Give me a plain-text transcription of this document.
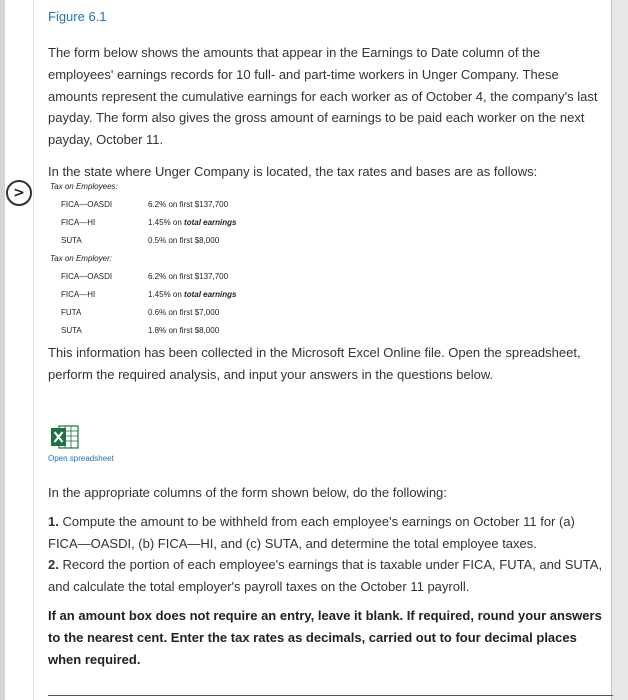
>
Figure 6.1

The form below shows the amounts that appear in the Earnings to Date column of the employees' earnings records for 10 full- and part-time workers in Unger Company. These amounts represent the cumulative earnings for each worker as of October 4, the company's last payday. The form also gives the gross amount of earnings to be paid each worker on the next payday, October 11.

In the state where Unger Company is located, the tax rates and bases are as follows:

Tax on Employees:
FICA—OASDI	6.2% on first $137,700
FICA—HI	1.45% on total earnings
SUTA	0.5% on first $8,000
Tax on Employer:
FICA—OASDI	6.2% on first $137,700
FICA—HI	1.45% on total earnings
FUTA	0.6% on first $7,000
SUTA	1.8% on first $8,000
This information has been collected in the Microsoft Excel Online file. Open the spreadsheet, perform the required analysis, and input your answers in the questions below.
Open spreadsheet

In the appropriate columns of the form shown below, do the following:

1. Compute the amount to be withheld from each employee's earnings on October 11 for (a) FICA—OASDI, (b) FICA—HI, and (c) SUTA, and determine the total employee taxes.

2. Record the portion of each employee's earnings that is taxable under FICA, FUTA, and SUTA, and calculate the total employer's payroll taxes on the October 11 payroll.

If an amount box does not require an entry, leave it blank. If required, round your answers to the nearest cent. Enter the tax rates as decimals, carried out to four decimal places when required.
